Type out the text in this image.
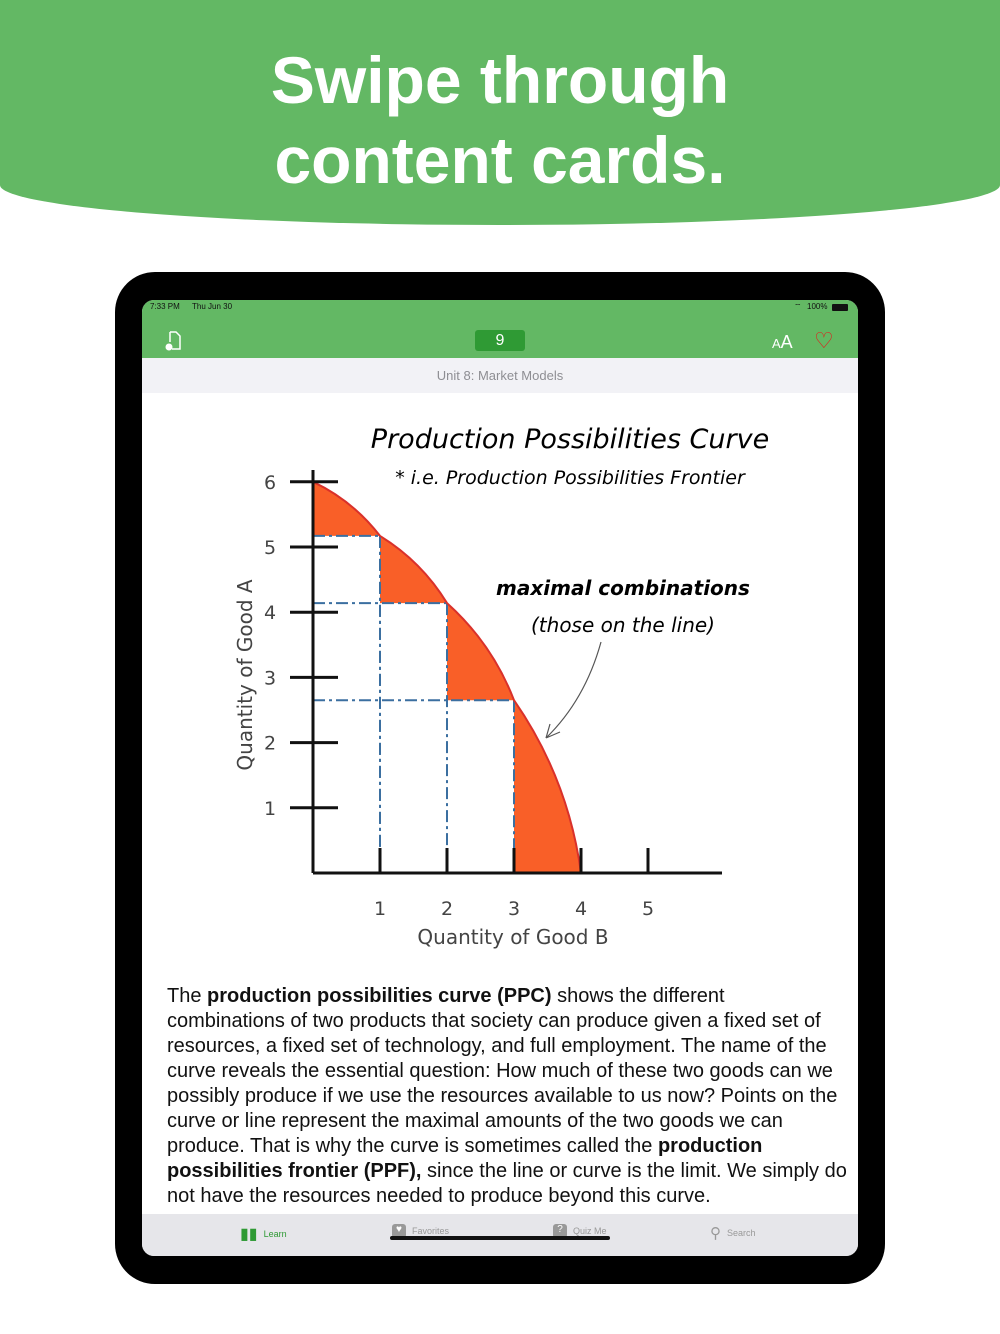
Swipe through
content cards.
7:33 PM Thu Jun 30	⌔ 100%
9	AA ♡
Unit 8: Market Models
1	2	3	4	5
1
2
3
4
5
6
Production Possibilities Curve
* i.e. Production Possibilities Frontier
maximal combinations
(those on the line)
Quantity of Good B
Quantity of Good A
The production possibilities curve (PPC) shows the different combinations of two products that society can produce given a fixed set of resources, a fixed set of technology, and full employment. The name of the curve reveals the essential question: How much of these two goods can we possibly produce if we use the resources available to us now? Points on the curve or line represent the maximal amounts of the two goods we can produce. That is why the curve is sometimes called the production possibilities frontier (PPF), since the line or curve is the limit. We simply do not have the resources needed to produce beyond this curve.
▮▮ Learn	♥	Favorites	?	Quiz Me	⚲ Search
